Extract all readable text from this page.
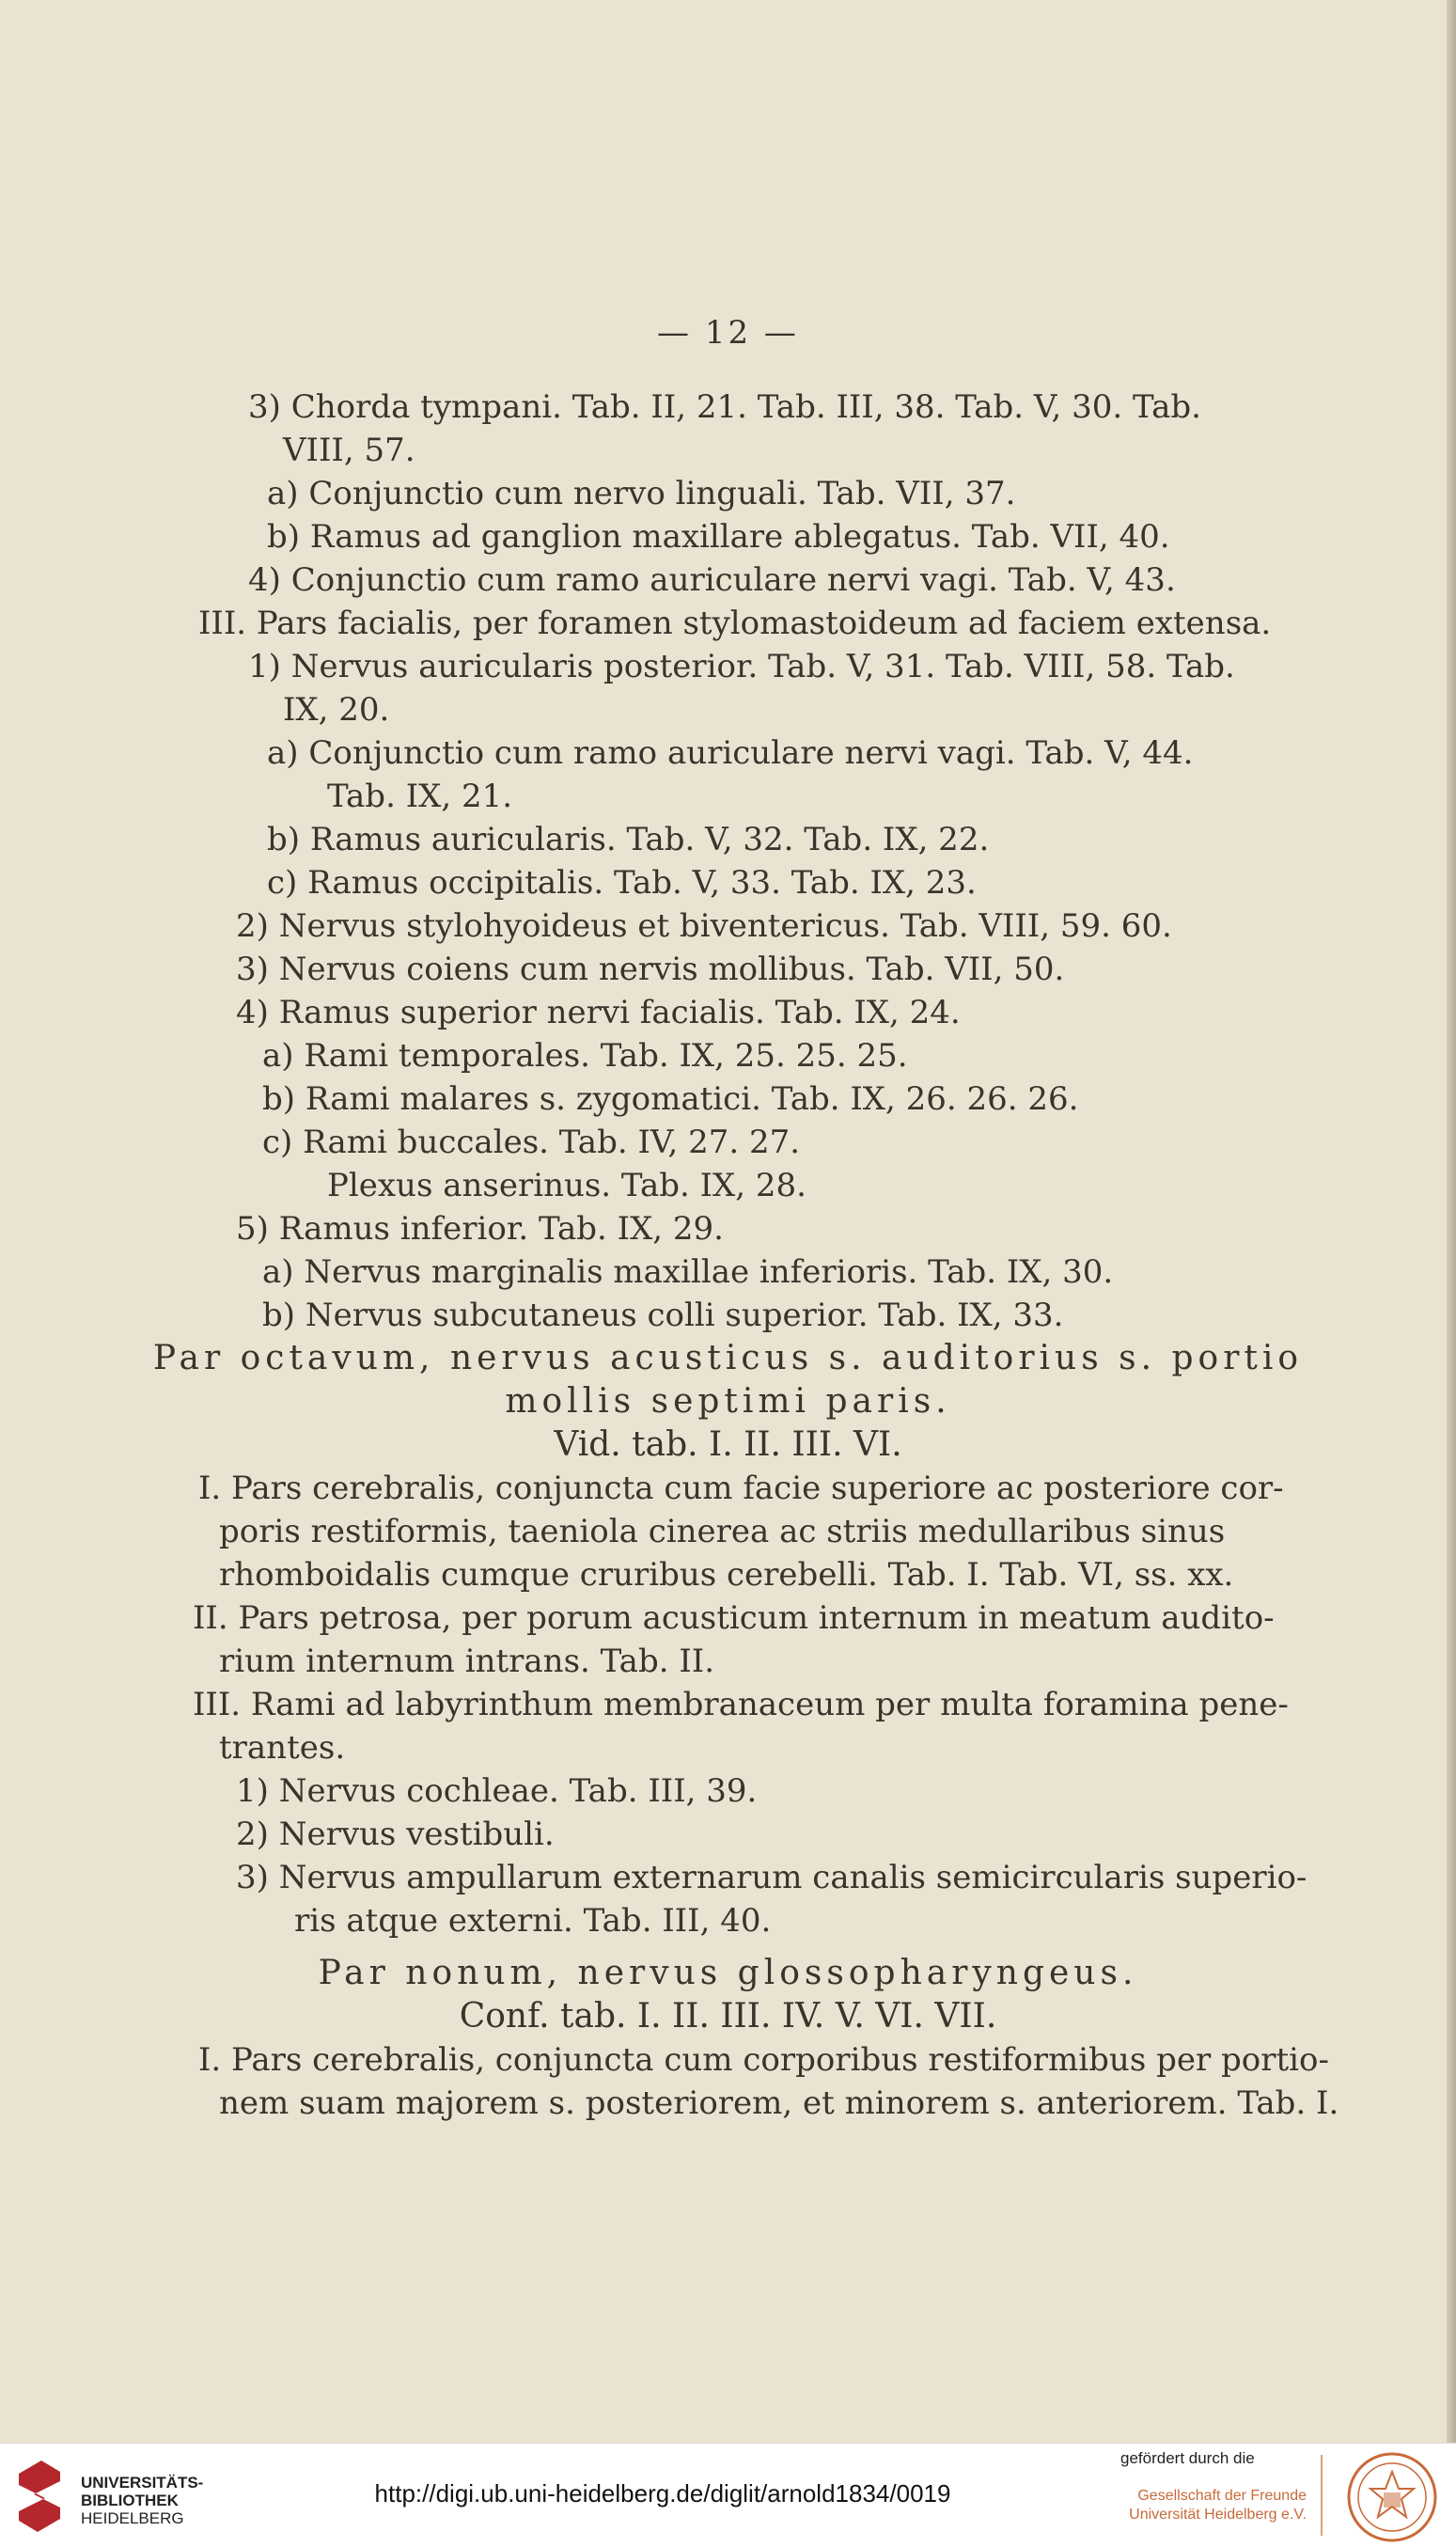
— 12 —
3) Chorda tympani. Tab. II, 21. Tab. III, 38. Tab. V, 30. Tab.
VIII, 57.
a) Conjunctio cum nervo linguali. Tab. VII, 37.
b) Ramus ad ganglion maxillare ablegatus. Tab. VII, 40.
4) Conjunctio cum ramo auriculare nervi vagi. Tab. V, 43.
III. Pars facialis, per foramen stylomastoideum ad faciem extensa.
1) Nervus auricularis posterior. Tab. V, 31. Tab. VIII, 58. Tab.
IX, 20.
a) Conjunctio cum ramo auriculare nervi vagi. Tab. V, 44.
Tab. IX, 21.
b) Ramus auricularis. Tab. V, 32. Tab. IX, 22.
c) Ramus occipitalis. Tab. V, 33. Tab. IX, 23.
2) Nervus stylohyoideus et biventericus. Tab. VIII, 59. 60.
3) Nervus coiens cum nervis mollibus. Tab. VII, 50.
4) Ramus superior nervi facialis. Tab. IX, 24.
a) Rami temporales. Tab. IX, 25. 25. 25.
b) Rami malares s. zygomatici. Tab. IX, 26. 26. 26.
c) Rami buccales. Tab. IV, 27. 27.
Plexus anserinus. Tab. IX, 28.
5) Ramus inferior. Tab. IX, 29.
a) Nervus marginalis maxillae inferioris. Tab. IX, 30.
b) Nervus subcutaneus colli superior. Tab. IX, 33.
Par octavum, nervus acusticus s. auditorius s. portio
mollis septimi paris.
Vid. tab. I. II. III. VI.
I. Pars cerebralis, conjuncta cum facie superiore ac posteriore cor-
poris restiformis, taeniola cinerea ac striis medullaribus sinus
rhomboidalis cumque cruribus cerebelli. Tab. I. Tab. VI, ss. xx.
II. Pars petrosa, per porum acusticum internum in meatum audito-
rium internum intrans. Tab. II.
III. Rami ad labyrinthum membranaceum per multa foramina pene-
trantes.
1) Nervus cochleae. Tab. III, 39.
2) Nervus vestibuli.
3) Nervus ampullarum externarum canalis semicircularis superio-
ris atque externi. Tab. III, 40.
Par nonum, nervus glossopharyngeus.
Conf. tab. I. II. III. IV. V. VI. VII.
I. Pars cerebralis, conjuncta cum corporibus restiformibus per portio-
nem suam majorem s. posteriorem, et minorem s. anteriorem. Tab. I.
UNIVERSITÄTS-
BIBLIOTHEK
HEIDELBERG
http://digi.ub.uni-heidelberg.de/diglit/arnold1834/0019
gefördert durch die
Gesellschaft der Freunde
Universität Heidelberg e.V.
